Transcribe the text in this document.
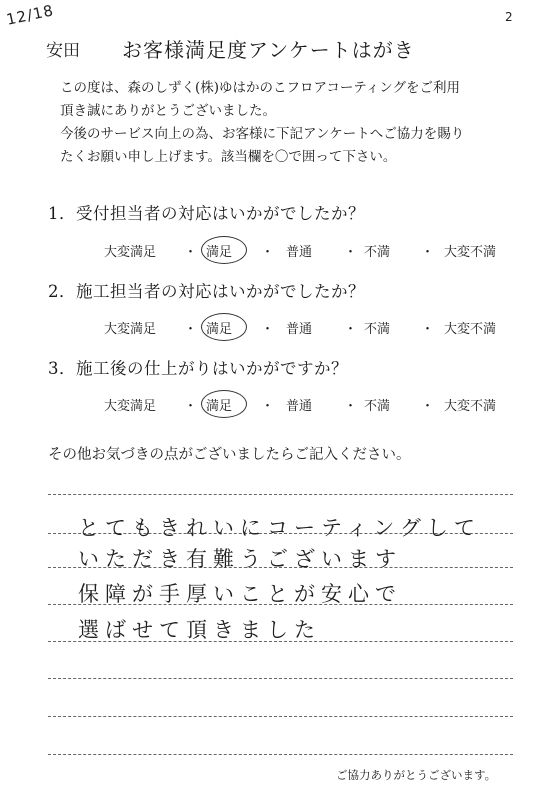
12/18	2
安田 お客様満足度アンケートはがき
この度は、森のしずく(株)ゆはかのこフロアコーティングをご利用
頂き誠にありがとうございました。
今後のサービス向上の為、お客様に下記アンケートへご協力を賜り
たくお願い申し上げます。該当欄を〇で囲って下さい。
1．受付担当者の対応はいかがでしたか？
大変満足 ・ 満足 ・ 普通 ・ 不満 ・ 大変不満
2．施工担当者の対応はいかがでしたか？
大変満足 ・ 満足 ・ 普通 ・ 不満 ・ 大変不満
3．施工後の仕上がりはいかがですか？
大変満足 ・ 満足 ・ 普通 ・ 不満 ・ 大変不満
その他お気づきの点がございましたらご記入ください。
とてもきれいにコーティングして
いただき有難うございます
保障が手厚いことが安心で
選ばせて頂きました
ご協力ありがとうございます。
